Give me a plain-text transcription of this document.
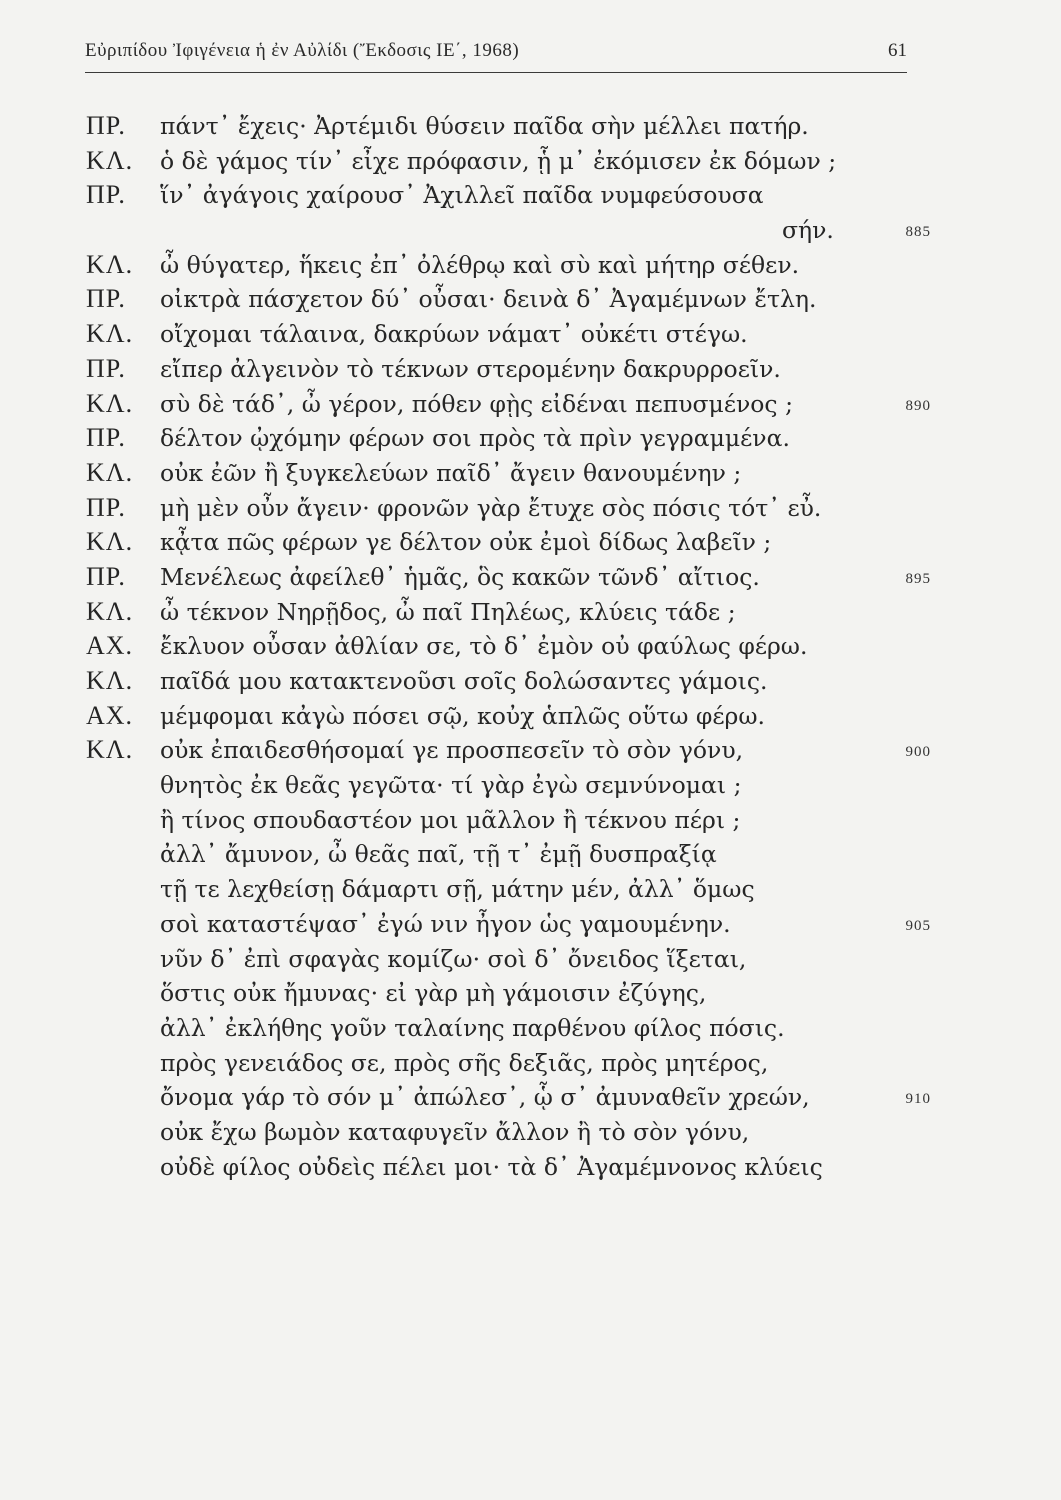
Εὐριπίδου Ἰφιγένεια ἡ ἐν Αὐλίδι (Ἔκδοσις ΙΕ΄, 1968)	61
ΠΡ. πάντ᾽ ἔχεις· Ἀρτέμιδι θύσειν παῖδα σὴν μέλλει πατήρ.
ΚΛ. ὁ δὲ γάμος τίν᾽ εἶχε πρόφασιν, ᾗ μ᾽ ἐκόμισεν ἐκ δόμων ;
ΠΡ. ἵν᾽ ἀγάγοις χαίρουσ᾽ Ἀχιλλεῖ παῖδα νυμφεύσουσα
σήν.	885
ΚΛ. ὦ θύγατερ, ἥκεις ἐπ᾽ ὀλέθρῳ καὶ σὺ καὶ μήτηρ σέθεν.
ΠΡ. οἰκτρὰ πάσχετον δύ᾽ οὖσαι· δεινὰ δ᾽ Ἀγαμέμνων ἔτλη.
ΚΛ. οἴχομαι τάλαινα, δακρύων νάματ᾽ οὐκέτι στέγω.
ΠΡ. εἴπερ ἀλγεινὸν τὸ τέκνων στερομένην δακρυρροεῖν.
ΚΛ. σὺ δὲ τάδ᾽, ὦ γέρον, πόθεν φῂς εἰδέναι πεπυσμένος ;	890
ΠΡ. δέλτον ᾠχόμην φέρων σοι πρὸς τὰ πρὶν γεγραμμένα.
ΚΛ. οὐκ ἐῶν ἢ ξυγκελεύων παῖδ᾽ ἄγειν θανουμένην ;
ΠΡ. μὴ μὲν οὖν ἄγειν· φρονῶν γὰρ ἔτυχε σὸς πόσις τότ᾽ εὖ.
ΚΛ. κᾆτα πῶς φέρων γε δέλτον οὐκ ἐμοὶ δίδως λαβεῖν ;
ΠΡ. Μενέλεως ἀφείλεθ᾽ ἡμᾶς, ὃς κακῶν τῶνδ᾽ αἴτιος.	895
ΚΛ. ὦ τέκνον Νηρῇδος, ὦ παῖ Πηλέως, κλύεις τάδε ;
ΑΧ. ἔκλυον οὖσαν ἀθλίαν σε, τὸ δ᾽ ἐμὸν οὐ φαύλως φέρω.
ΚΛ. παῖδά μου κατακτενοῦσι σοῖς δολώσαντες γάμοις.
ΑΧ. μέμφομαι κἀγὼ πόσει σῷ, κοὐχ ἁπλῶς οὕτω φέρω.
ΚΛ. οὐκ ἐπαιδεσθήσομαί γε προσπεσεῖν τὸ σὸν γόνυ,	900
θνητὸς ἐκ θεᾶς γεγῶτα· τί γὰρ ἐγὼ σεμνύνομαι ;
ἢ τίνος σπουδαστέον μοι μᾶλλον ἢ τέκνου πέρι ;
ἀλλ᾽ ἄμυνον, ὦ θεᾶς παῖ, τῇ τ᾽ ἐμῇ δυσπραξίᾳ
τῇ τε λεχθείσῃ δάμαρτι σῇ, μάτην μέν, ἀλλ᾽ ὅμως
σοὶ καταστέψασ᾽ ἐγώ νιν ἦγον ὡς γαμουμένην.	905
νῦν δ᾽ ἐπὶ σφαγὰς κομίζω· σοὶ δ᾽ ὄνειδος ἵξεται,
ὅστις οὐκ ἤμυνας· εἰ γὰρ μὴ γάμοισιν ἐζύγης,
ἀλλ᾽ ἐκλήθης γοῦν ταλαίνης παρθένου φίλος πόσις.
πρὸς γενειάδος σε, πρὸς σῆς δεξιᾶς, πρὸς μητέρος,
ὄνομα γάρ τὸ σόν μ᾽ ἀπώλεσ᾽, ᾧ σ᾽ ἀμυναθεῖν χρεών,	910
οὐκ ἔχω βωμὸν καταφυγεῖν ἄλλον ἢ τὸ σὸν γόνυ,
οὐδὲ φίλος οὐδεὶς πέλει μοι· τὰ δ᾽ Ἀγαμέμνονος κλύεις
